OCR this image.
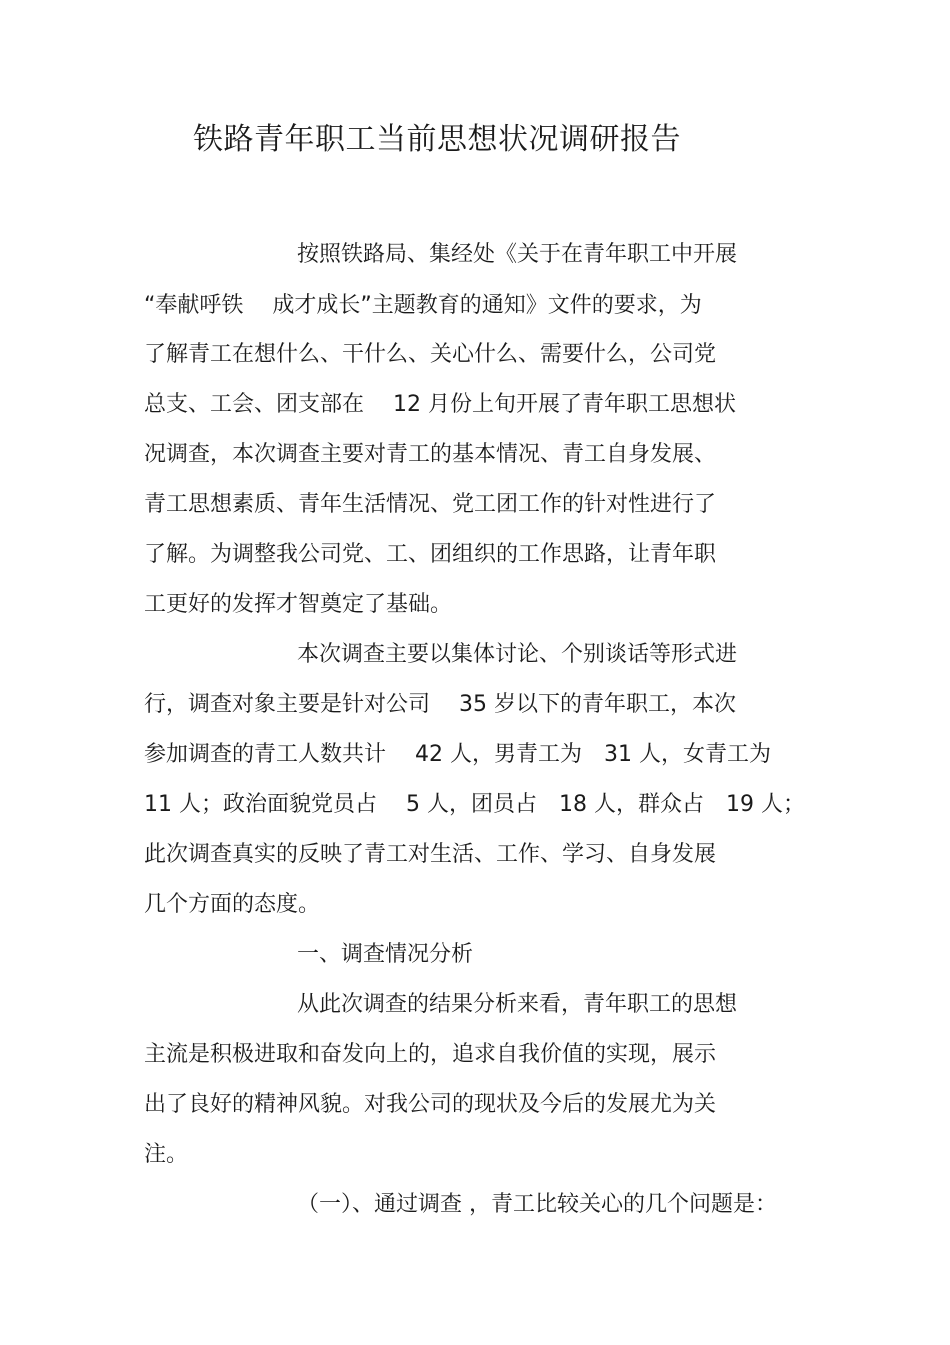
铁路青年职工当前思想状况调研报告
按照铁路局、集经处《关于在青年职工中开展
“奉献呼铁　 成才成长”主题教育的通知》文件的要求，为
了解青工在想什么、干什么、关心什么、需要什么，公司党
总支、工会、团支部在　 12 月份上旬开展了青年职工思想状
况调查，本次调查主要对青工的基本情况、青工自身发展、
青工思想素质、青年生活情况、党工团工作的针对性进行了
了解。为调整我公司党、工、团组织的工作思路，让青年职
工更好的发挥才智奠定了基础。
本次调查主要以集体讨论、个别谈话等形式进
行，调查对象主要是针对公司　 35 岁以下的青年职工，本次
参加调查的青工人数共计　 42 人，男青工为　31 人，女青工为
11 人；政治面貌党员占　 5 人，团员占　18 人，群众占　19 人；
此次调查真实的反映了青工对生活、工作、学习、自身发展
几个方面的态度。
一、调查情况分析
从此次调查的结果分析来看，青年职工的思想
主流是积极进取和奋发向上的，追求自我价值的实现，展示
出了良好的精神风貌。对我公司的现状及今后的发展尤为关
注。
（一）、通过调查 ，青工比较关心的几个问题是：
